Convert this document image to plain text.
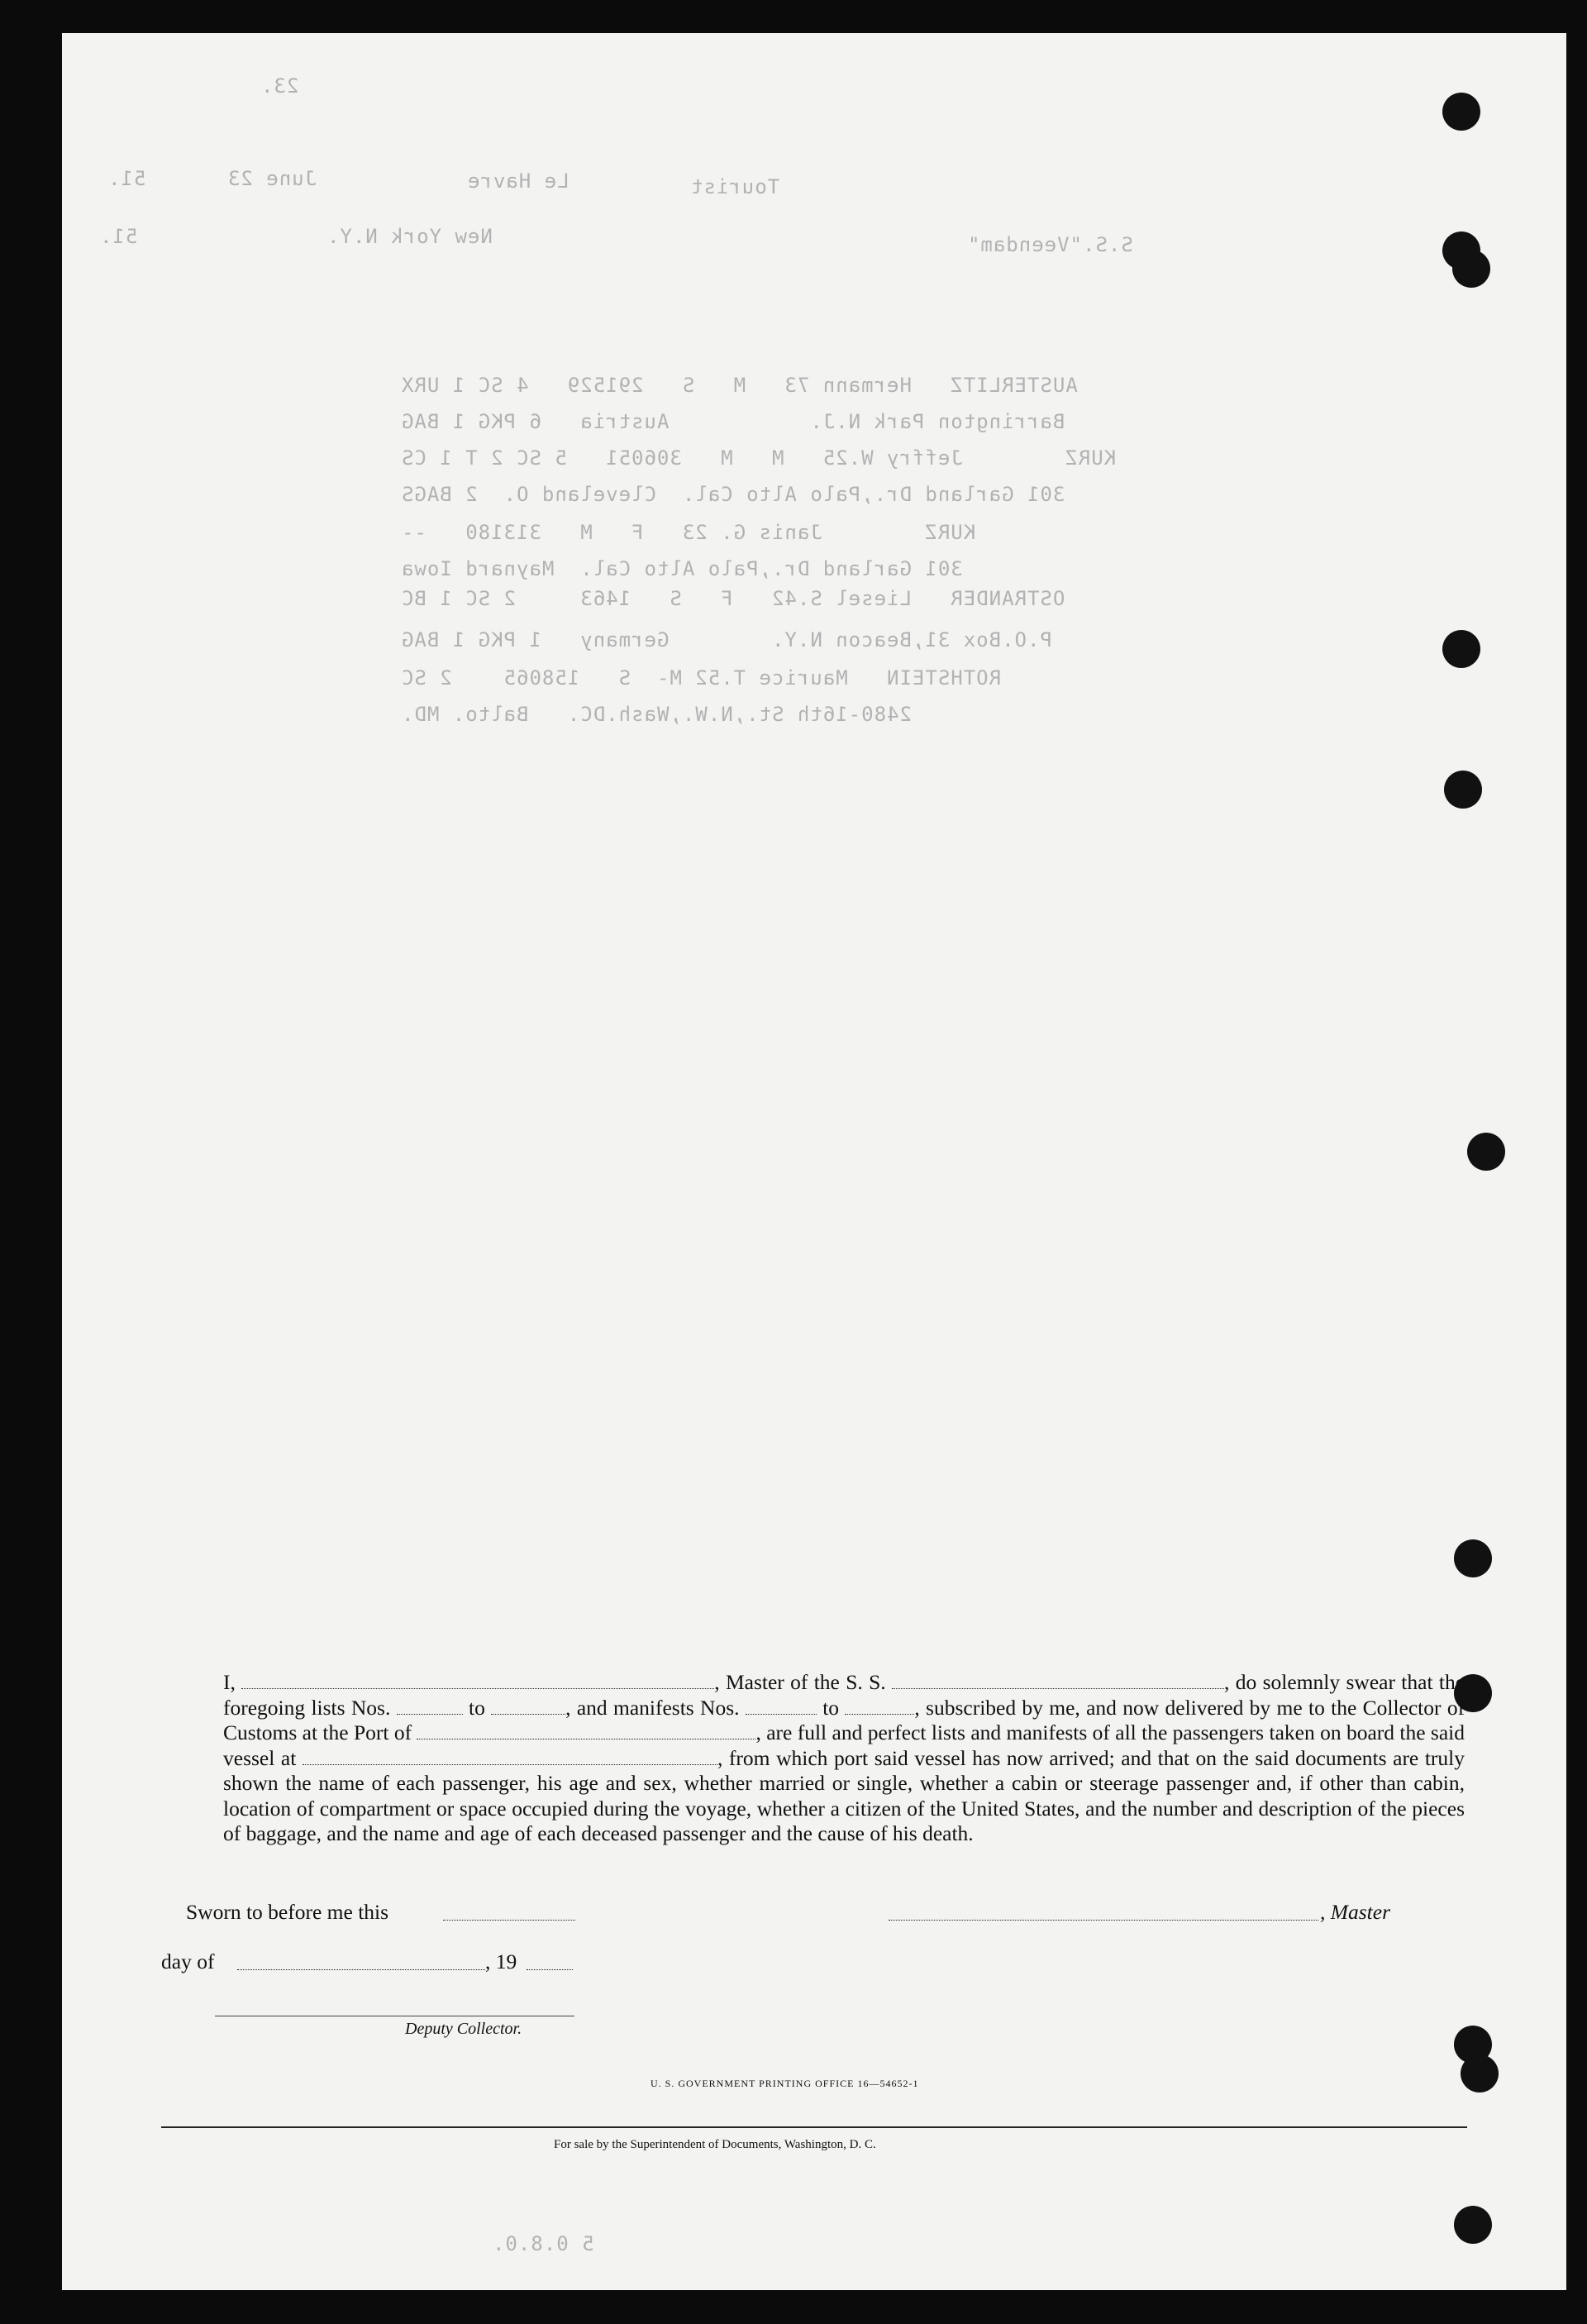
23.
Tourist
Le Havre
June 23
51.
S.S."Veendam"
New York N.Y.
51.
AUSTERLITZ   Hermann 73   M   S   291529   4 SC 1 URX
Barrington Park N.J.           Austria   6 PKG 1 BAG
KURZ        Jeffry W.25   M   M   306051   5 SC 2 T 1 CS
301 Garland Dr.,Palo Alto Cal.  Cleveland O.  2 BAGS
KURZ        Janis G. 23   F   M   313180   --
301 Garland Dr.,Palo Alto Cal.  Maynard Iowa
OSTRANDER   Liesel S.42   F   S   1463     2 SC 1 BC
P.O.Box 31,Beacon N.Y.        Germany   1 PKG 1 BAG
ROTHSTEIN   Maurice T.52 M-  S   158065    2 SC
2480-16th St.,N.W.,Wash.DC.   Balto. MD.
5 0.8.0.
I,	, Master of the S. S.	, do solemnly swear that the foregoing lists Nos.	to	, and manifests Nos.	to	, subscribed by me, and now delivered by me to the Collector of Customs at the Port of	, are full and perfect lists and manifests of all the passengers taken on board the said vessel at	, from which port said vessel has now arrived; and that on the said documents are truly shown the name of each passenger, his age and sex, whether married or single, whether a cabin or steerage passenger and, if other than cabin, location of compartment or space occupied during the voyage, whether a citizen of the United States, and the number and description of the pieces of baggage, and the name and age of each deceased passenger and the cause of his death.
Sworn to before me this	, Master
day of	, 19
Deputy Collector.
U. S. GOVERNMENT PRINTING OFFICE 16—54652-1
For sale by the Superintendent of Documents, Washington, D. C.
